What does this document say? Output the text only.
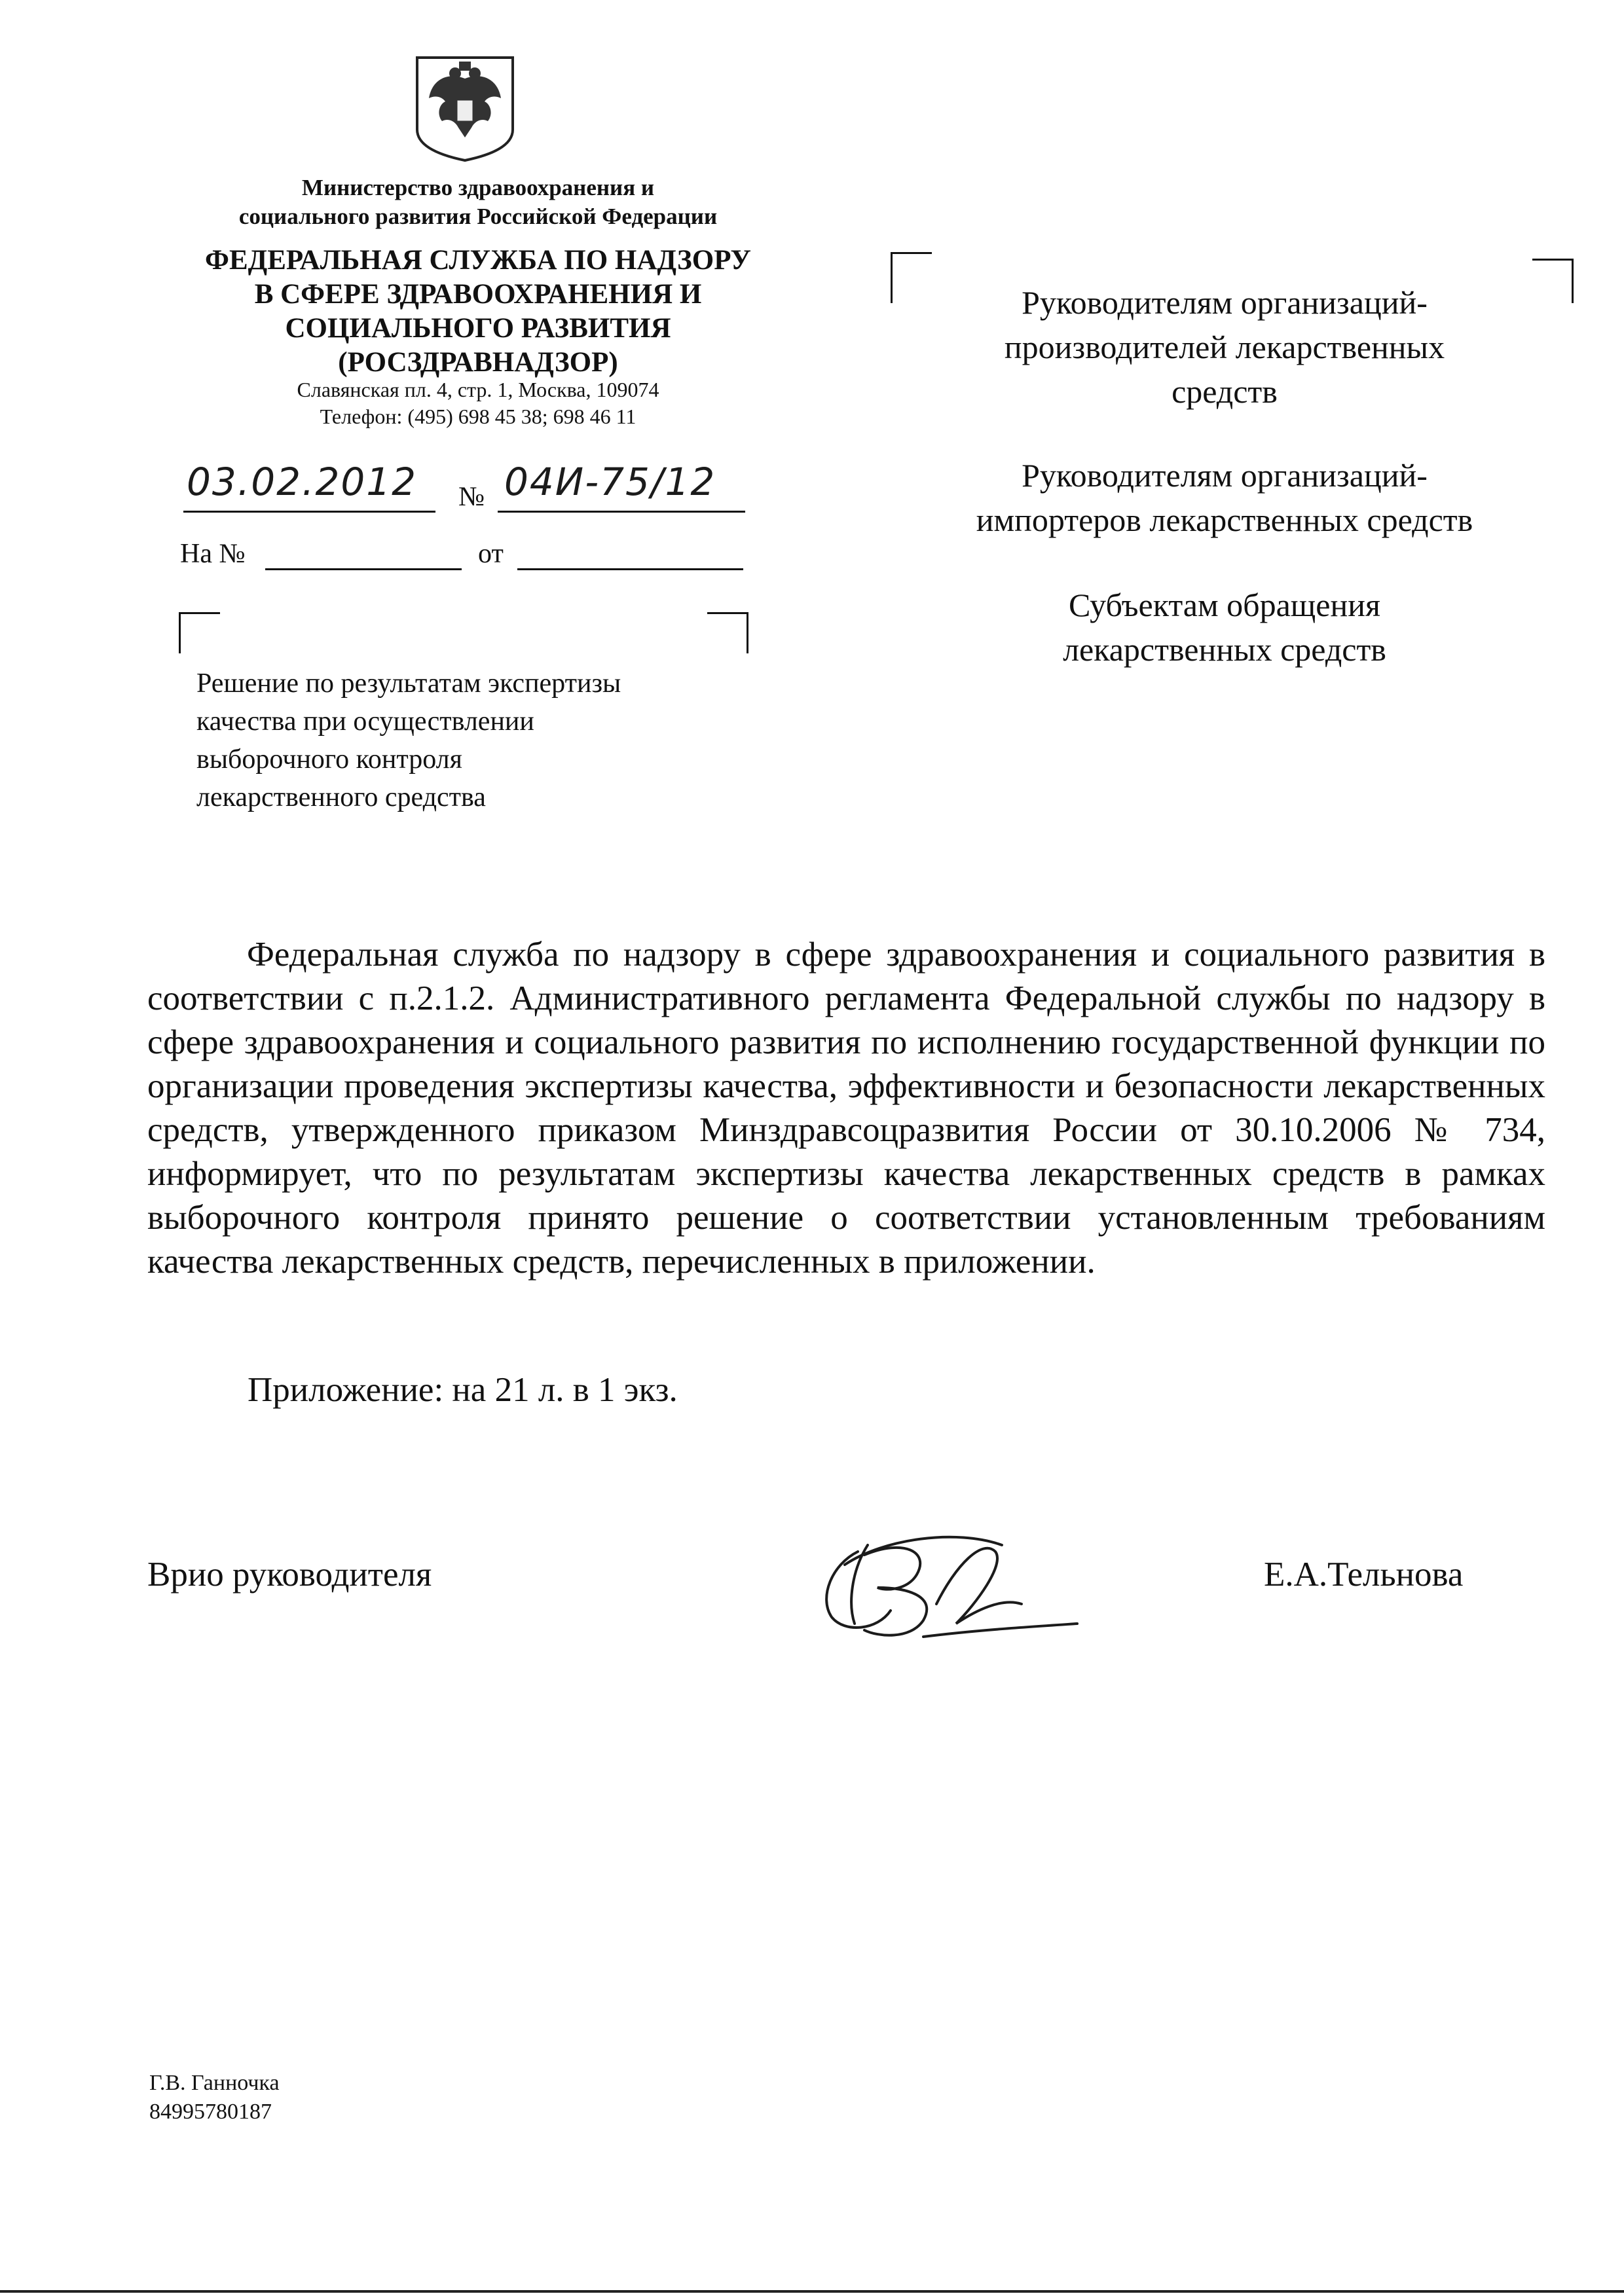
Министерство здравоохранения и
социального развития Российской Федерации
ФЕДЕРАЛЬНАЯ СЛУЖБА ПО НАДЗОРУ
В СФЕРЕ ЗДРАВООХРАНЕНИЯ И
СОЦИАЛЬНОГО РАЗВИТИЯ
(РОСЗДРАВНАДЗОР)
Славянская пл. 4, стр. 1, Москва, 109074
Телефон: (495) 698 45 38; 698 46 11
03.02.2012 № 04И-75/12
На №	от
Решение по результатам экспертизы
качества при осуществлении
выборочного контроля
лекарственного средства
Руководителям организаций-
производителей лекарственных
средств
Руководителям организаций-
импортеров лекарственных средств
Субъектам обращения
лекарственных средств
Федеральная служба по надзору в сфере здравоохранения и социального развития в соответствии с п.2.1.2. Административного регламента Федеральной службы по надзору в сфере здравоохранения и социального развития по исполнению государственной функции по организации проведения экспертизы качества, эффективности и безопасности лекарственных средств, утвержденного приказом Минздравсоцразвития России от 30.10.2006 № 734, информирует, что по результатам экспертизы качества лекарственных средств в рамках выборочного контроля принято решение о соответствии установленным требованиям качества лекарственных средств, перечисленных в приложении.
Приложение: на 21 л. в 1 экз.
Врио руководителя	Е.А.Тельнова
Г.В. Ганночка
84995780187
